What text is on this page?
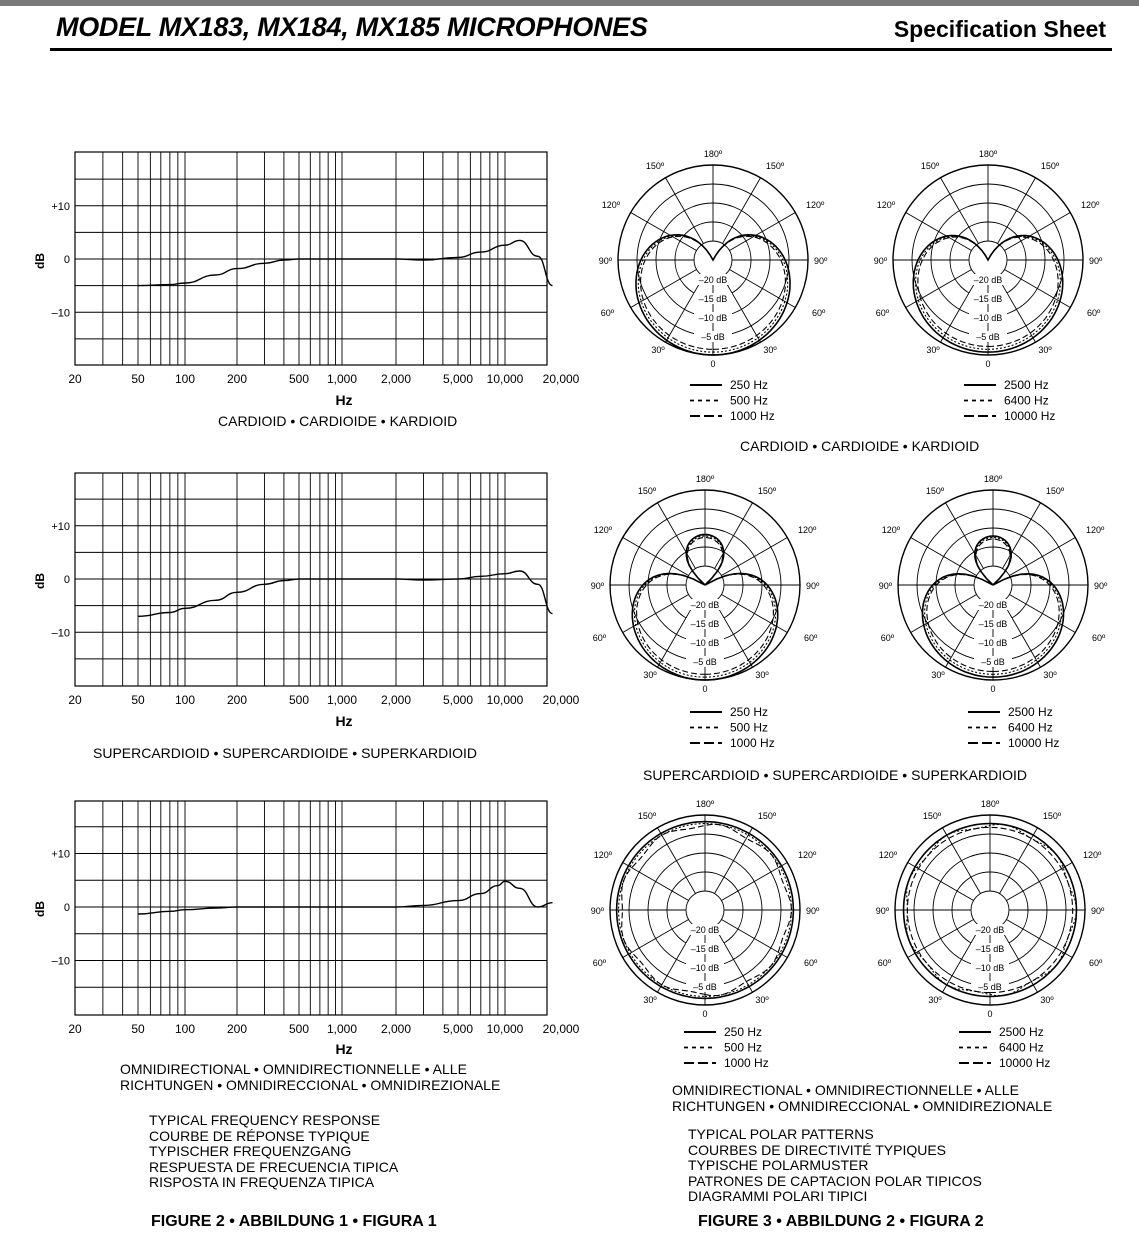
MODEL MX183, MX184, MX185 MICROPHONES	Specification Sheet
+10
0
–10
dB
20	50	100	200	500 1,000 2,000	5,000 10,000 20,000
Hz
+10
0
–10
dB
20	50	100	200	500 1,000 2,000	5,000 10,000 20,000
Hz
+10
0
–10
dB
20	50	100	200	500 1,000 2,000	5,000 10,000 20,000
Hz
180º
150º	150º
120º	120º
90º	90º
60º	60º
30º	30º
0
–20 dB
–15 dB
–10 dB
–5 dB
180º
150º	150º
120º	120º
90º	90º
60º	60º
30º	30º
0
–20 dB
–15 dB
–10 dB
–5 dB
180º
150º	150º
120º	120º
90º	90º
60º	60º
30º	30º
0
–20 dB
–15 dB
–10 dB
–5 dB
180º
150º	150º
120º	120º
90º	90º
60º	60º
30º	30º
0
–20 dB
–15 dB
–10 dB
–5 dB
180º
150º	150º
120º	120º
90º	90º
60º	60º
30º	30º
0
–20 dB
–15 dB
–10 dB
–5 dB
180º
150º	150º
120º	120º
90º	90º
60º	60º
30º	30º
0
–20 dB
–15 dB
–10 dB
–5 dB
250 Hz
500 Hz
1000 Hz
2500 Hz
6400 Hz
10000 Hz
250 Hz
500 Hz
1000 Hz
2500 Hz
6400 Hz
10000 Hz
250 Hz
500 Hz
1000 Hz
2500 Hz
6400 Hz
10000 Hz
CARDIOID • CARDIOIDE • KARDIOID
SUPERCARDIOID • SUPERCARDIOIDE • SUPERKARDIOID
OMNIDIRECTIONAL • OMNIDIRECTIONNELLE • ALLE
RICHTUNGEN • OMNIDIRECCIONAL • OMNIDIREZIONALE
CARDIOID • CARDIOIDE • KARDIOID
SUPERCARDIOID • SUPERCARDIOIDE • SUPERKARDIOID
OMNIDIRECTIONAL • OMNIDIRECTIONNELLE • ALLE
RICHTUNGEN • OMNIDIRECCIONAL • OMNIDIREZIONALE
TYPICAL FREQUENCY RESPONSE
COURBE DE RÉPONSE TYPIQUE
TYPISCHER FREQUENZGANG
RESPUESTA DE FRECUENCIA TIPICA
RISPOSTA IN FREQUENZA TIPICA
TYPICAL POLAR PATTERNS
COURBES DE DIRECTIVITÉ TYPIQUES
TYPISCHE POLARMUSTER
PATRONES DE CAPTACION POLAR TIPICOS
DIAGRAMMI POLARI TIPICI
FIGURE 2 • ABBILDUNG 1 • FIGURA 1	FIGURE 3 • ABBILDUNG 2 • FIGURA 2
